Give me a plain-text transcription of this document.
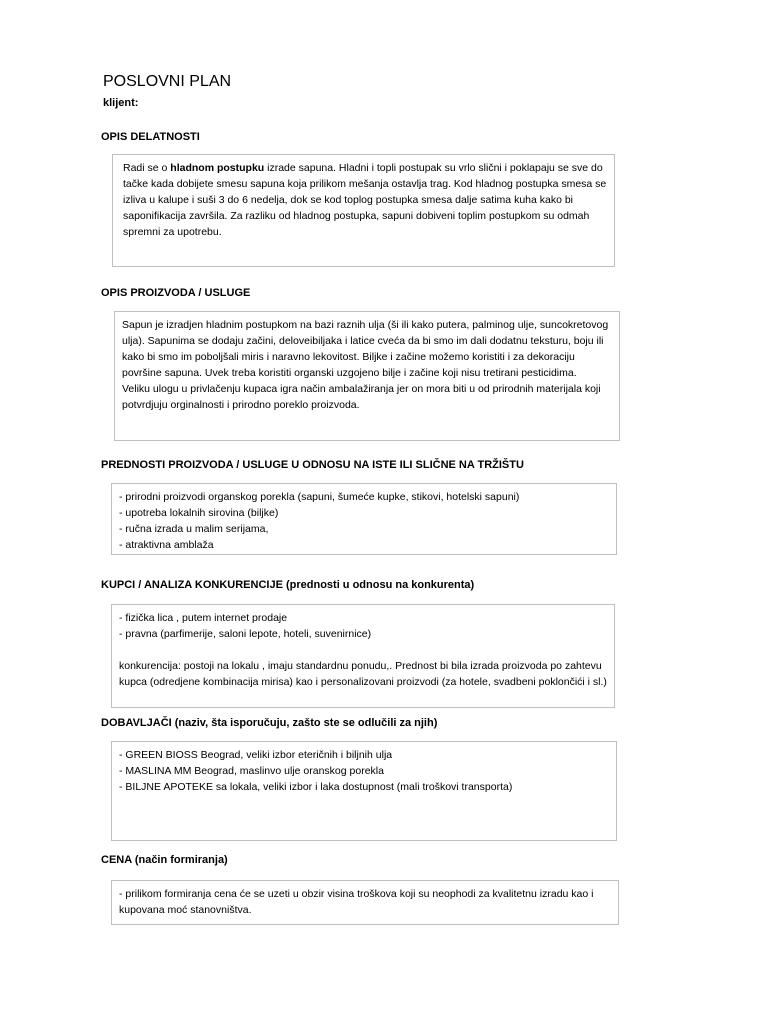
POSLOVNI PLAN
klijent:
OPIS DELATNOSTI

Radi se o hladnom postupku izrade sapuna. Hladni i topli postupak su vrlo slični i poklapaju se sve do tačke kada dobijete smesu sapuna koja prilikom mešanja ostavlja trag. Kod hladnog postupka smesa se izliva u kalupe i suši 3 do 6 nedelja, dok se kod toplog postupka smesa dalje satima kuha kako bi saponifikacija završila. Za razliku od hladnog postupka, sapuni dobiveni toplim postupkom su odmah spremni za upotrebu.

OPIS PROIZVODA / USLUGE

Sapun je izradjen hladnim postupkom na bazi raznih ulja (ši ili kako putera, palminog ulje, suncokretovog ulja). Sapunima se dodaju začini, deloveibiljaka i latice cveća da bi smo im dali dodatnu teksturu, boju ili kako bi smo im poboljšali miris i naravno lekovitost. Biljke i začine možemo koristiti i za dekoraciju površine sapuna. Uvek treba koristiti organski uzgojeno bilje i začine koji nisu tretirani pesticidima.

Veliku ulogu u privlačenju kupaca igra način ambalažiranja jer on mora biti u od prirodnih materijala koji potvrdjuju orginalnosti i prirodno poreklo proizvoda.

PREDNOSTI PROIZVODA / USLUGE U ODNOSU NA ISTE ILI SLIČNE NA TRŽIŠTU

- prirodni proizvodi organskog porekla (sapuni, šumeće kupke, stikovi, hotelski sapuni)

- upotreba lokalnih sirovina (biljke)

- ručna izrada u malim serijama,

- atraktivna amblaža

KUPCI / ANALIZA KONKURENCIJE (prednosti u odnosu na konkurenta)

- fizička lica , putem internet prodaje

- pravna (parfimerije, saloni lepote, hoteli, suvenirnice)

konkurencija: postoji na lokalu , imaju standardnu ponudu,. Prednost bi bila izrada proizvoda po zahtevu kupca (odredjene kombinacija mirisa) kao i personalizovani proizvodi (za hotele, svadbeni poklončići i sl.)

DOBAVLJAČI (naziv, šta isporučuju, zašto ste se odlučili za njih)

- GREEN BIOSS Beograd, veliki izbor eteričnih i biljnih ulja

- MASLINA MM Beograd, maslinvo ulje oranskog porekla

- BILJNE APOTEKE sa lokala, veliki izbor i laka dostupnost (mali troškovi transporta)

CENA (način formiranja)

- prilikom formiranja cena će se uzeti u obzir visina troškova koji su neophodi za kvalitetnu izradu kao i kupovana moć stanovništva.
